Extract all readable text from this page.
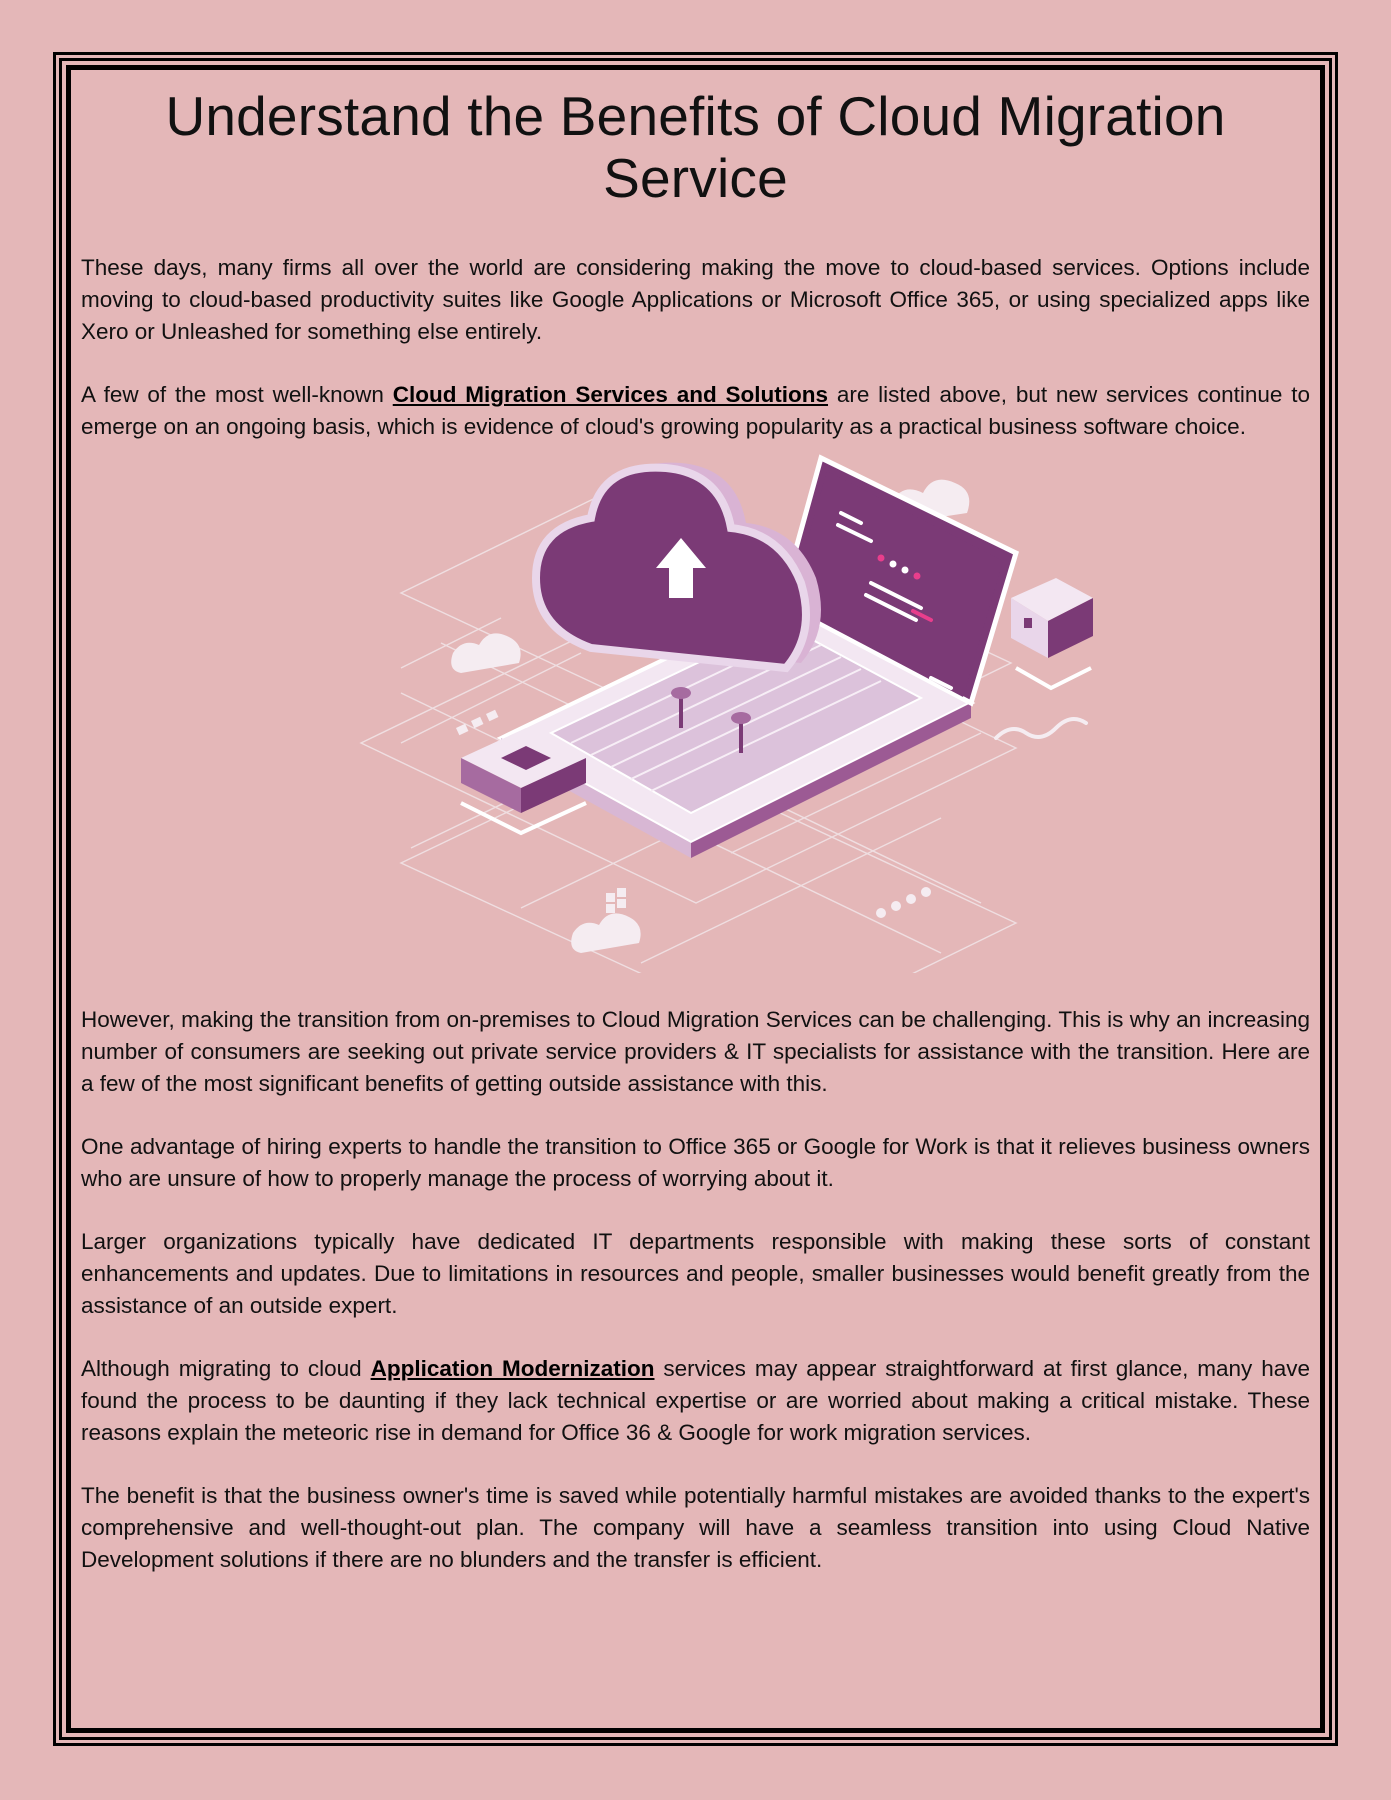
Understand the Benefits of Cloud Migration Service

These days, many firms all over the world are considering making the move to cloud-based services. Options include moving to cloud-based productivity suites like Google Applications or Microsoft Office 365, or using specialized apps like Xero or Unleashed for something else entirely.

A few of the most well-known Cloud Migration Services and Solutions are listed above, but new services continue to emerge on an ongoing basis, which is evidence of cloud's growing popularity as a practical business software choice.

However, making the transition from on-premises to Cloud Migration Services can be challenging. This is why an increasing number of consumers are seeking out private service providers & IT specialists for assistance with the transition. Here are a few of the most significant benefits of getting outside assistance with this.

One advantage of hiring experts to handle the transition to Office 365 or Google for Work is that it relieves business owners who are unsure of how to properly manage the process of worrying about it.

Larger organizations typically have dedicated IT departments responsible with making these sorts of constant enhancements and updates. Due to limitations in resources and people, smaller businesses would benefit greatly from the assistance of an outside expert.

Although migrating to cloud Application Modernization services may appear straightforward at first glance, many have found the process to be daunting if they lack technical expertise or are worried about making a critical mistake. These reasons explain the meteoric rise in demand for Office 36 & Google for work migration services.

The benefit is that the business owner's time is saved while potentially harmful mistakes are avoided thanks to the expert's comprehensive and well-thought-out plan. The company will have a seamless transition into using Cloud Native Development solutions if there are no blunders and the transfer is efficient.
